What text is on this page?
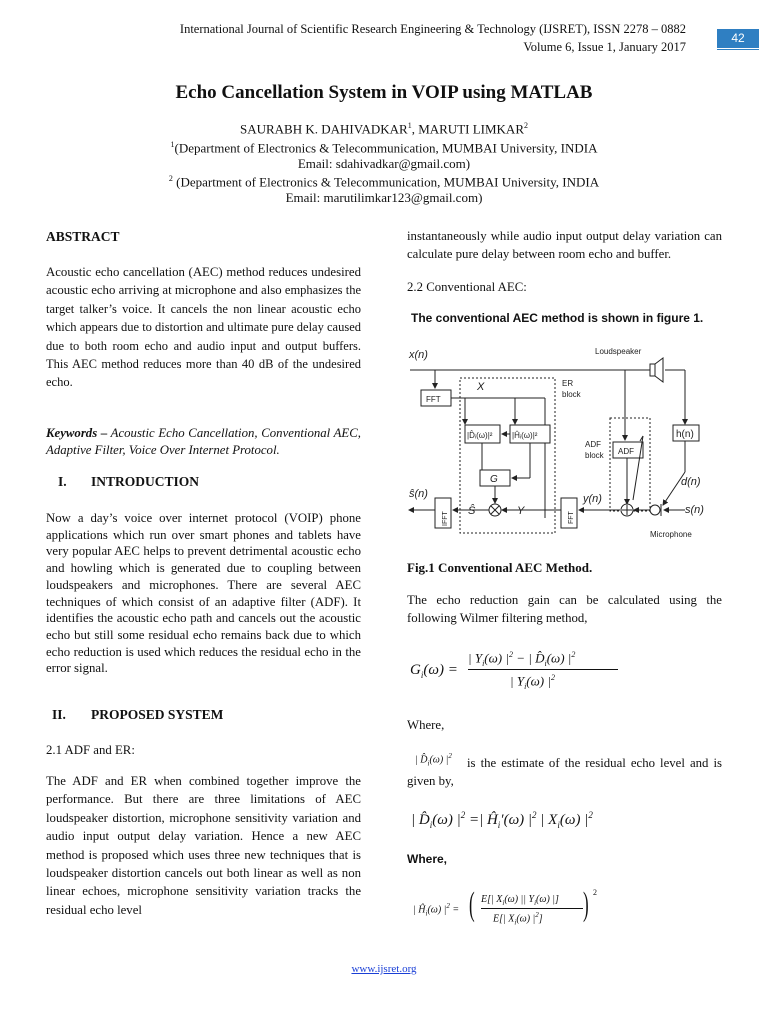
International Journal of Scientific Research Engineering & Technology (IJSRET), ISSN 2278 – 0882
Volume 6, Issue 1, January 2017
42
Echo Cancellation System in VOIP using MATLAB
SAURABH K. DAHIVADKAR$^1$, MARUTI LIMKAR$^2$
$^1$(Department of Electronics & Telecommunication, MUMBAI University, INDIA
Email: sdahivadkar@gmail.com)
$^2$ (Department of Electronics & Telecommunication, MUMBAI University, INDIA
Email: marutilimkar123@gmail.com)
ABSTRACT
Acoustic echo cancellation (AEC) method reduces undesired acoustic echo arriving at microphone and also emphasizes the target talker’s voice. It cancels the non linear acoustic echo which appears due to distortion and ultimate pure delay caused due to both room echo and audio input and output buffers. This AEC method reduces more than 40 dB of the undesired echo.
Keywords – Acoustic Echo Cancellation, Conventional AEC, Adaptive Filter, Voice Over Internet Protocol.
I. INTRODUCTION
Now a day’s voice over internet protocol (VOIP) phone applications which run over smart phones and tablets have very popular AEC helps to prevent detrimental acoustic echo and howling which is generated due to coupling between loudspeakers and microphones. There are several AEC techniques of which consist of an adaptive filter (ADF). It identifies the acoustic echo path and cancels out the acoustic echo but still some residual echo remains back due to which echo reduction is used which reduces the residual echo in the error signal.
II. PROPOSED SYSTEM
2.1 ADF and ER:
The ADF and ER when combined together improve the performance. But there are three limitations of AEC loudspeaker distortion, microphone sensitivity variation and audio input output delay variation. Hence a new AEC method is proposed which uses three new techniques that is loudspeaker distortion cancels out both linear as well as non linear echoes, microphone sensitivity variation tracks the residual echo level
instantaneously while audio input output delay variation can calculate pure delay between room echo and buffer.
2.2 Conventional AEC:
The conventional AEC method is shown in figure 1.
x(n)	Loudspeaker
FFT
X	ER
block
|D̂ᵢ(ω)|² |Ĥᵢ(ω)|²
ADF
block ADF
h(n)
G	d(n)
ŝ(n)
IFFT
Ŝ	Y
FFT
y(n)
s(n)
Microphone
Fig.1 Conventional AEC Method.
The echo reduction gain can be calculated using the following Wilmer filtering method,
$G_i(\omega)$ =
| $Y_i(\omega) |^2$ − | $D̂_i(\omega)$ $|^2$
| $Y_i(\omega)$ $|^2$
Where,
| $D̂_i(\omega)$ $|^2$	is the estimate of the residual echo level and is given by,
| $D̂_i(\omega)$ $|^2$ =| $Ĥ_i'(\omega)$ $|^2$ | $X_i(\omega)$ $|^2$
Where,
| $Ĥ_i(\omega) |^2$ = ( E[| $X_i(\omega)$ || $Y_i(\omega)$ |]
E[| $X_i(\omega)$ $|^2$] ) 2
www.ijsret.org
